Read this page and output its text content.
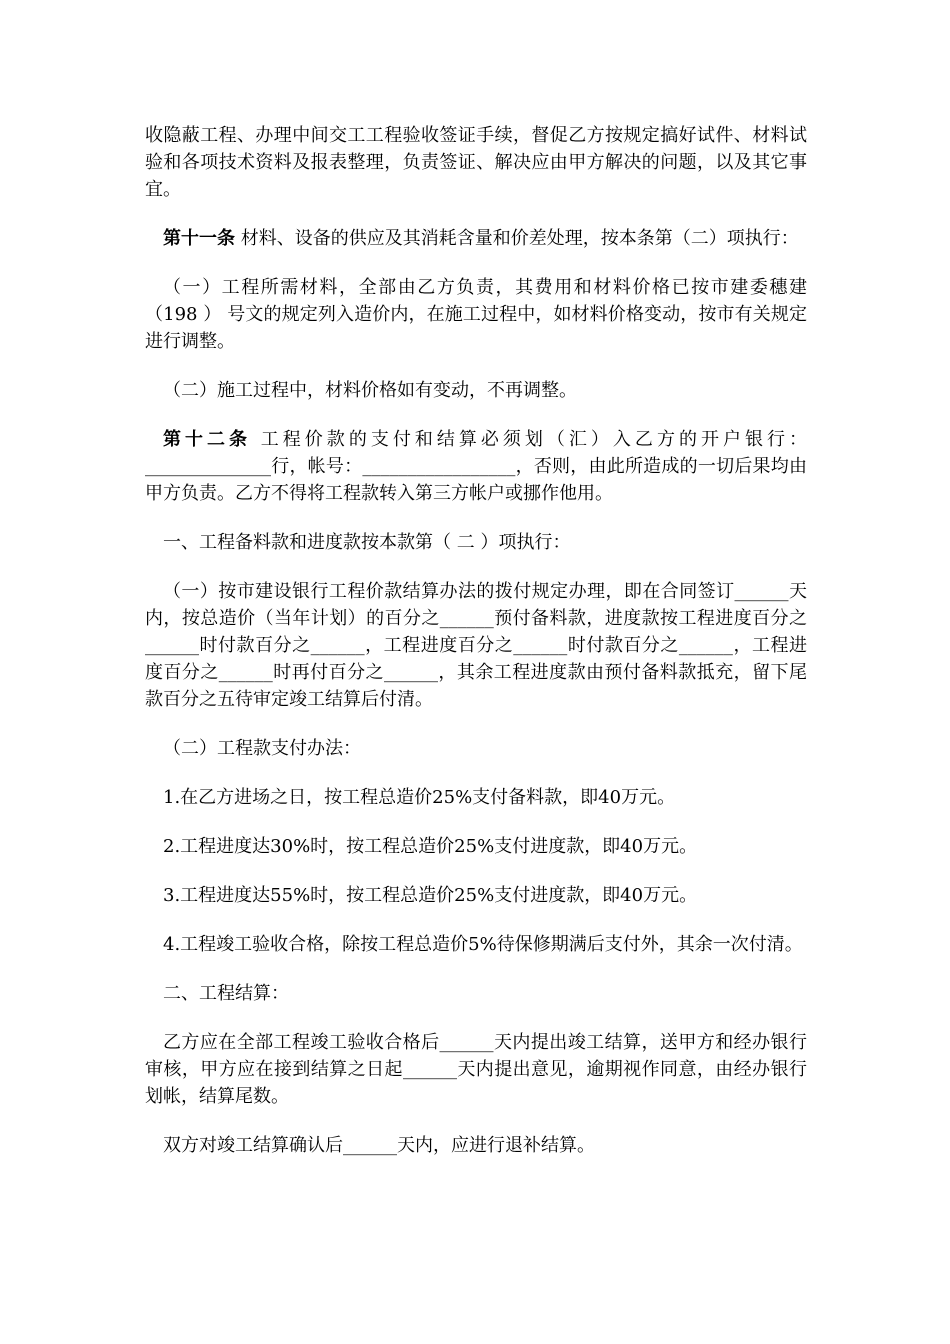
收隐蔽工程、办理中间交工工程验收签证手续，督促乙方按规定搞好试件、材料试验和各项技术资料及报表整理，负责签证、解决应由甲方解决的问题，以及其它事宜。

第十一条 材料、设备的供应及其消耗含量和价差处理，按本条第（二）项执行：

（一）工程所需材料，全部由乙方负责，其费用和材料价格已按市建委穗建（198 ） 号文的规定列入造价内，在施工过程中，如材料价格变动，按市有关规定进行调整。

（二）施工过程中，材料价格如有变动，不再调整。

第十二条 工程价款的支付和结算必须划（汇）入乙方的开户银行：______________行，帐号：_________________，否则，由此所造成的一切后果均由甲方负责。乙方不得将工程款转入第三方帐户或挪作他用。

一、工程备料款和进度款按本款第（ 二 ）项执行：

（一）按市建设银行工程价款结算办法的拨付规定办理，即在合同签订______天内，按总造价（当年计划）的百分之______预付备料款，进度款按工程进度百分之______时付款百分之______，工程进度百分之______时付款百分之______，工程进度百分之______时再付百分之______，其余工程进度款由预付备料款抵充，留下尾款百分之五待审定竣工结算后付清。

（二）工程款支付办法：

1.在乙方进场之日，按工程总造价25%支付备料款，即40万元。

2.工程进度达30%时，按工程总造价25%支付进度款，即40万元。

3.工程进度达55%时，按工程总造价25%支付进度款，即40万元。

4.工程竣工验收合格，除按工程总造价5%待保修期满后支付外，其余一次付清。

二、工程结算：

乙方应在全部工程竣工验收合格后______天内提出竣工结算，送甲方和经办银行审核，甲方应在接到结算之日起______天内提出意见，逾期视作同意，由经办银行划帐，结算尾数。

双方对竣工结算确认后______天内，应进行退补结算。
